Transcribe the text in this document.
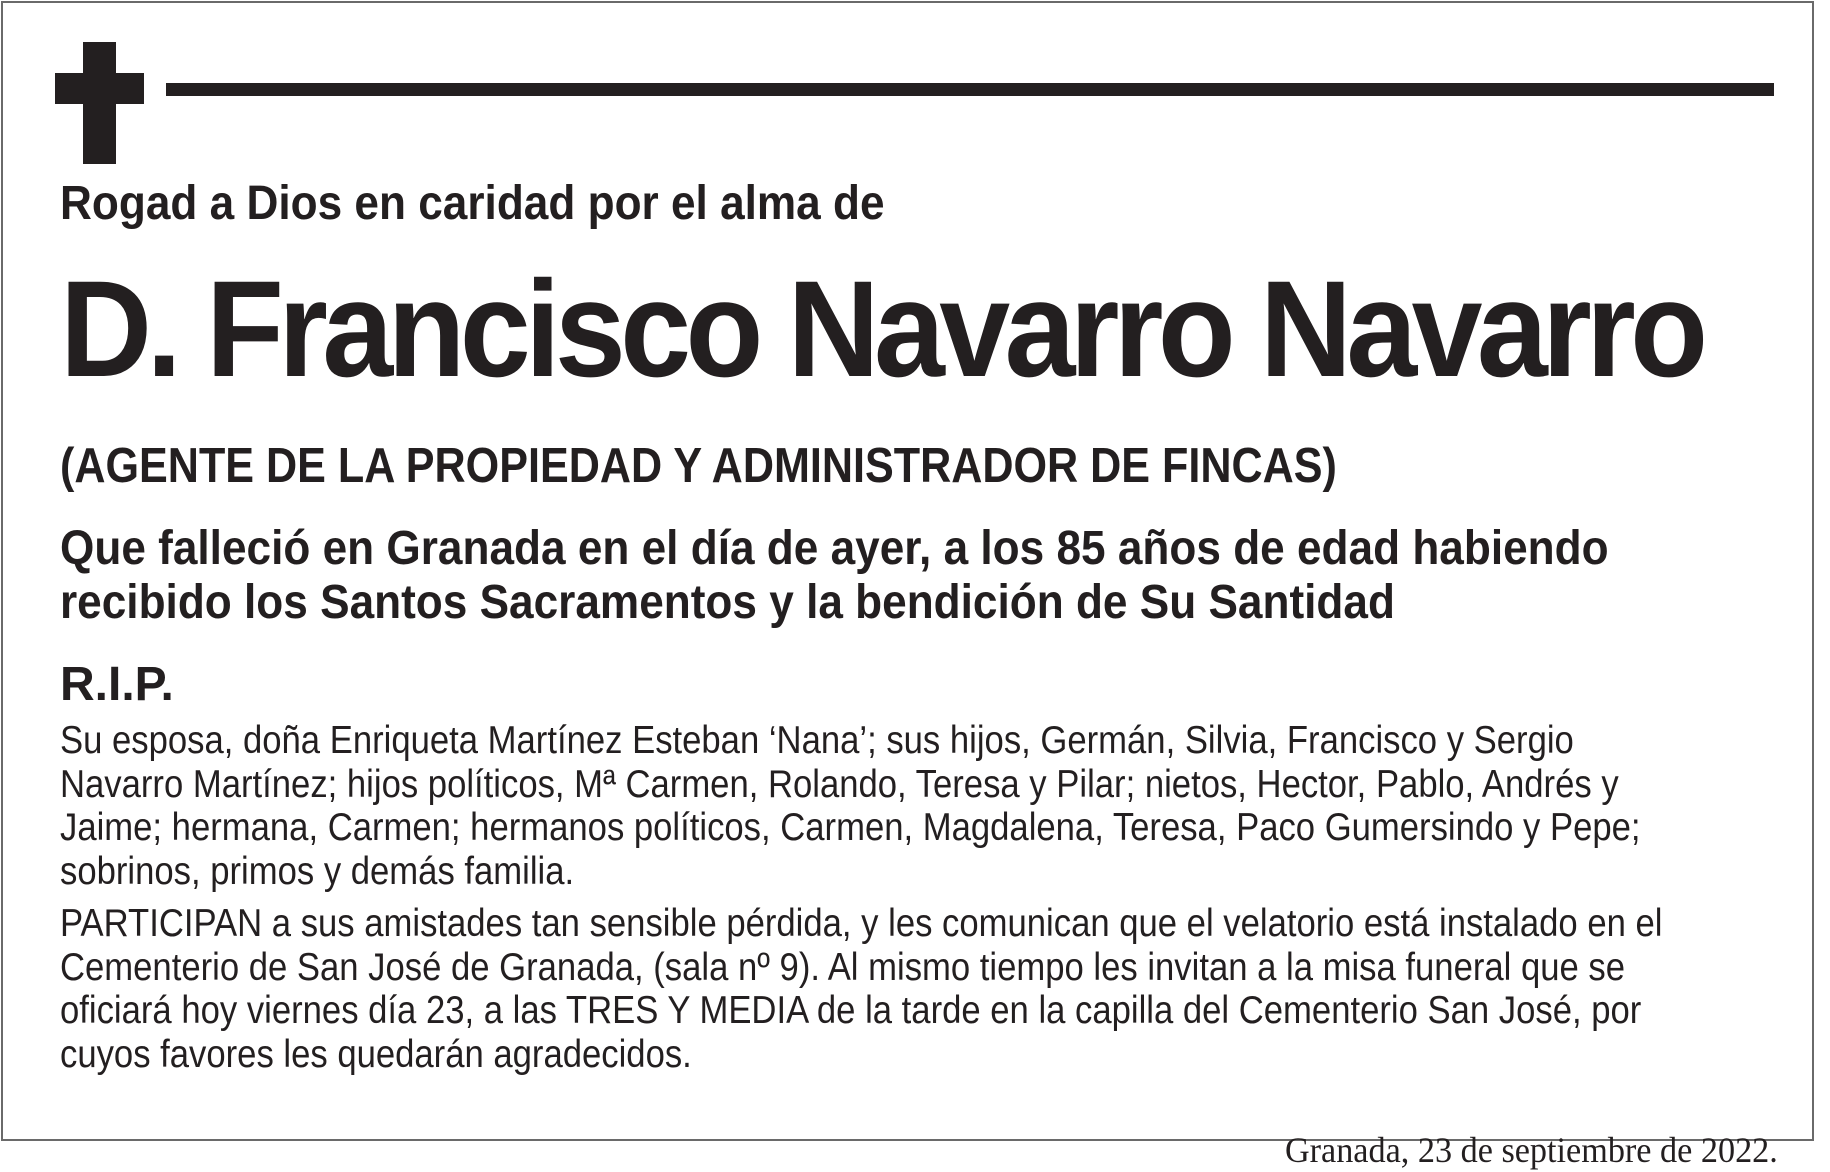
Rogad a Dios en caridad por el alma de

D. Francisco Navarro Navarro

(AGENTE DE LA PROPIEDAD Y ADMINISTRADOR DE FINCAS)

Que falleció en Granada en el día de ayer, a los 85 años de edad habiendo recibido los Santos Sacramentos y la bendición de Su Santidad

R.I.P.

Su esposa, doña Enriqueta Martínez Esteban ‘Nana’; sus hijos, Germán, Silvia, Francisco y Sergio Navarro Martínez; hijos políticos, Mª Carmen, Rolando, Teresa y Pilar; nietos, Hector, Pablo, Andrés y Jaime; hermana, Carmen; hermanos políticos, Carmen, Magdalena, Teresa, Paco Gumersindo y Pepe; sobrinos, primos y demás familia.

PARTICIPAN a sus amistades tan sensible pérdida, y les comunican que el velatorio está instalado en el Cementerio de San José de Granada, (sala nº 9). Al mismo tiempo les invitan a la misa funeral que se oficiará hoy viernes día 23, a las TRES Y MEDIA de la tarde en la capilla del Cementerio San José, por cuyos favores les quedarán agradecidos.

Granada, 23 de septiembre de 2022.
